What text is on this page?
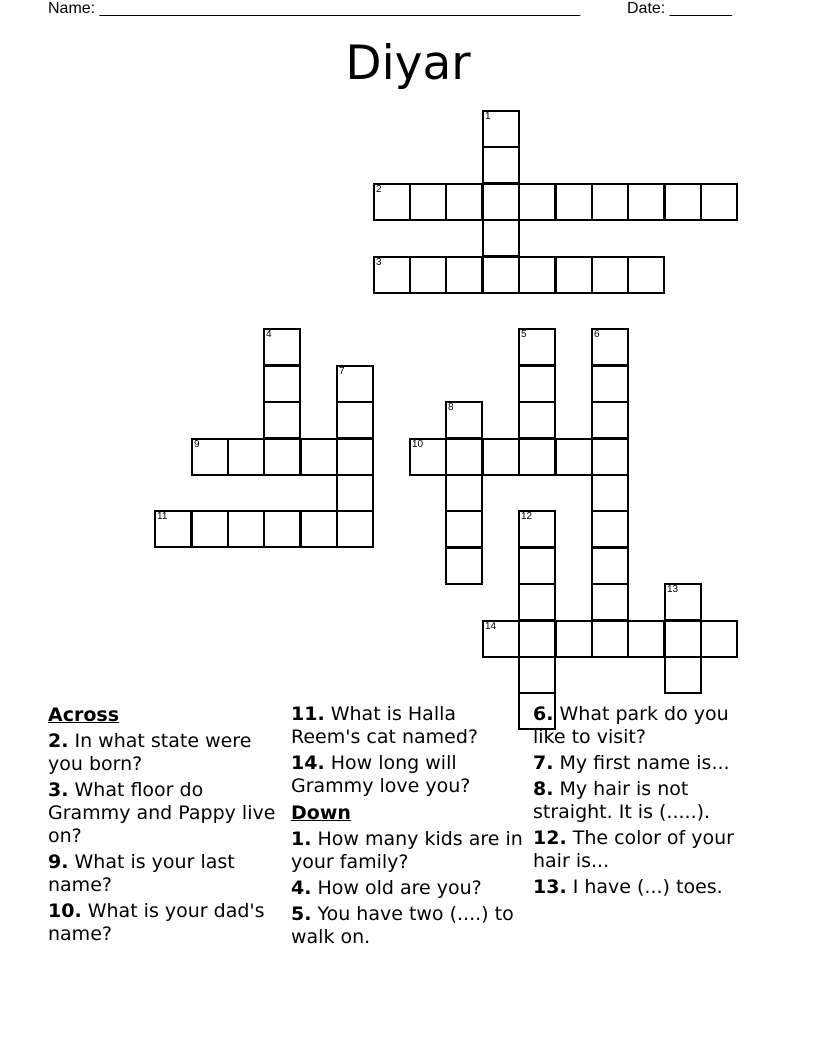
Name: ______________________________________________________	Date: _______
Diyar
1
2
3
4	5	6
7
8
9	10
11	12
13
14
Across
2. In what state were you born?
3. What floor do Grammy and Pappy live on?
9. What is your last name?
10. What is your dad's name?
11. What is Halla Reem's cat named?
14. How long will Grammy love you?
Down
1. How many kids are in your family?
4. How old are you?
5. You have two (....) to walk on.
6. What park do you like to visit?
7. My first name is...
8. My hair is not straight. It is (.....).
12. The color of your hair is...
13. I have (...) toes.
